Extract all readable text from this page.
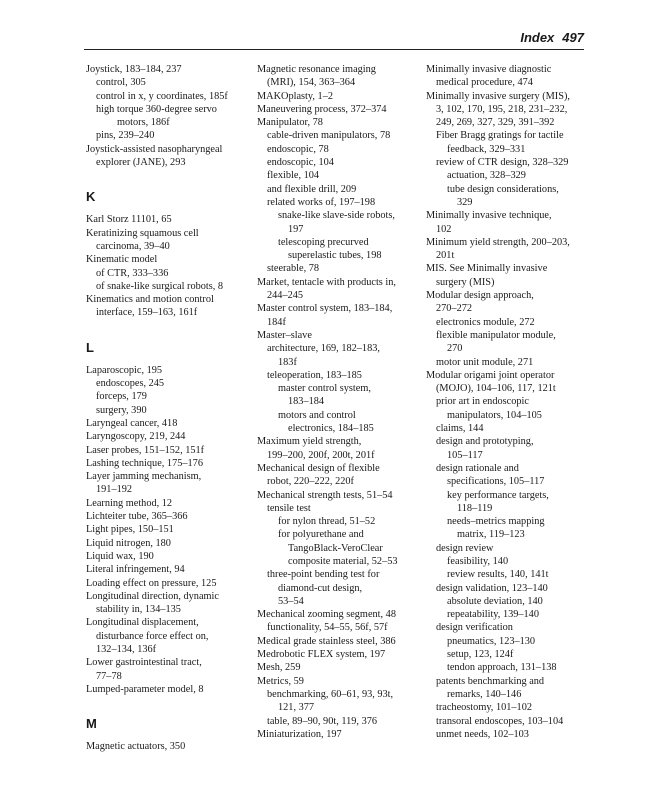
Index 497
Joystick, 183–184, 237
control, 305
control in x, y coordinates, 185f
high torque 360-degree servo
motors, 186f
pins, 239–240
Joystick-assisted nasopharyngeal
explorer (JANE), 293
K
Karl Storz 11101, 65
Keratinizing squamous cell
carcinoma, 39–40
Kinematic model
of CTR, 333–336
of snake-like surgical robots, 8
Kinematics and motion control
interface, 159–163, 161f
L
Laparoscopic, 195
endoscopes, 245
forceps, 179
surgery, 390
Laryngeal cancer, 418
Laryngoscopy, 219, 244
Laser probes, 151–152, 151f
Lashing technique, 175–176
Layer jamming mechanism,
191–192
Learning method, 12
Lichteiter tube, 365–366
Light pipes, 150–151
Liquid nitrogen, 180
Liquid wax, 190
Literal infringement, 94
Loading effect on pressure, 125
Longitudinal direction, dynamic
stability in, 134–135
Longitudinal displacement,
disturbance force effect on,
132–134, 136f
Lower gastrointestinal tract,
77–78
Lumped-parameter model, 8
M
Magnetic actuators, 350
Magnetic resonance imaging
(MRI), 154, 363–364
MAKOplasty, 1–2
Maneuvering process, 372–374
Manipulator, 78
cable-driven manipulators, 78
endoscopic, 78
endoscopic, 104
flexible, 104
and flexible drill, 209
related works of, 197–198
snake-like slave-side robots,
197
telescoping precurved
superelastic tubes, 198
steerable, 78
Market, tentacle with products in,
244–245
Master control system, 183–184,
184f
Master–slave
architecture, 169, 182–183,
183f
teleoperation, 183–185
master control system,
183–184
motors and control
electronics, 184–185
Maximum yield strength,
199–200, 200f, 200t, 201f
Mechanical design of flexible
robot, 220–222, 220f
Mechanical strength tests, 51–54
tensile test
for nylon thread, 51–52
for polyurethane and
TangoBlack-VeroClear
composite material, 52–53
three-point bending test for
diamond-cut design,
53–54
Mechanical zooming segment, 48
functionality, 54–55, 56f, 57f
Medical grade stainless steel, 386
Medrobotic FLEX system, 197
Mesh, 259
Metrics, 59
benchmarking, 60–61, 93, 93t,
121, 377
table, 89–90, 90t, 119, 376
Miniaturization, 197
Minimally invasive diagnostic
medical procedure, 474
Minimally invasive surgery (MIS),
3, 102, 170, 195, 218, 231–232,
249, 269, 327, 329, 391–392
Fiber Bragg gratings for tactile
feedback, 329–331
review of CTR design, 328–329
actuation, 328–329
tube design considerations,
329
Minimally invasive technique,
102
Minimum yield strength, 200–203,
201t
MIS. See Minimally invasive
surgery (MIS)
Modular design approach,
270–272
electronics module, 272
flexible manipulator module,
270
motor unit module, 271
Modular origami joint operator
(MOJO), 104–106, 117, 121t
prior art in endoscopic
manipulators, 104–105
claims, 144
design and prototyping,
105–117
design rationale and
specifications, 105–117
key performance targets,
118–119
needs–metrics mapping
matrix, 119–123
design review
feasibility, 140
review results, 140, 141t
design validation, 123–140
absolute deviation, 140
repeatability, 139–140
design verification
pneumatics, 123–130
setup, 123, 124f
tendon approach, 131–138
patents benchmarking and
remarks, 140–146
tracheostomy, 101–102
transoral endoscopes, 103–104
unmet needs, 102–103
